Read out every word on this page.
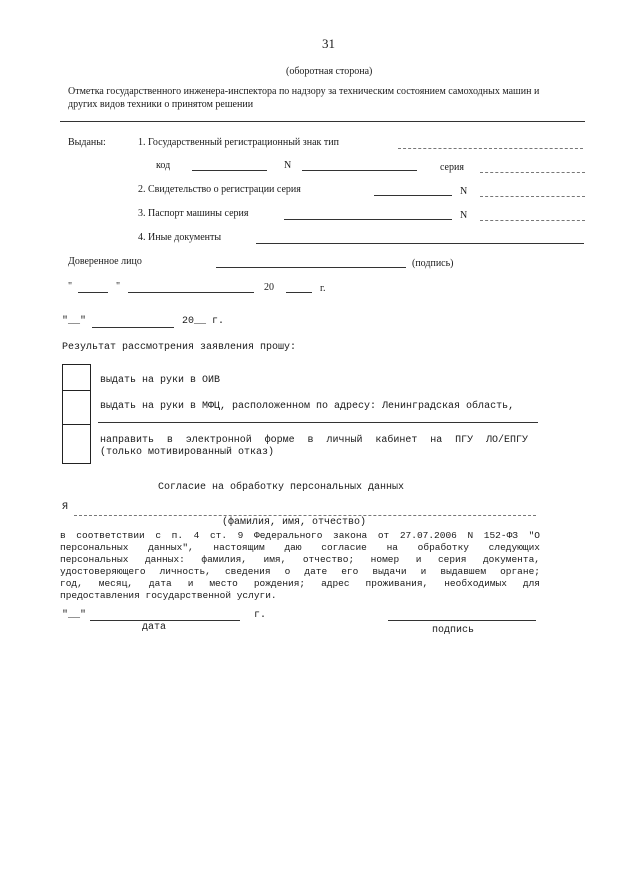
31
(оборотная сторона)
Отметка государственного инженера-инспектора по надзору за техническим состоянием самоходных машин и
других видов техники о принятом решении
Выданы:	1. Государственный регистрационный знак тип
код	N	серия
2. Свидетельство о регистрации серия	N
3. Паспорт машины серия	N
4. Иные документы
Доверенное лицо	(подпись)
"	"	20	г.
"__"	20__ г.
Результат рассмотрения заявления прошу:
выдать на руки в ОИВ
выдать на руки в МФЦ, расположенном по адресу: Ленинградская область,
направить в электронной форме в личный кабинет на ПГУ ЛО/ЕПГУ
(только мотивированный отказ)
Согласие на обработку персональных данных
Я
(фамилия, имя, отчество)
в соответствии с п. 4 ст. 9 Федерального закона от 27.07.2006 N 152-ФЗ "О
персональных данных", настоящим даю согласие на обработку следующих
персональных данных: фамилия, имя, отчество; номер и серия документа,
удостоверяющего личность, сведения о дате его выдачи и выдавшем органе;
год, месяц, дата и место рождения; адрес проживания, необходимых для
предоставления государственной услуги.
"__"	г.
дата	подпись
